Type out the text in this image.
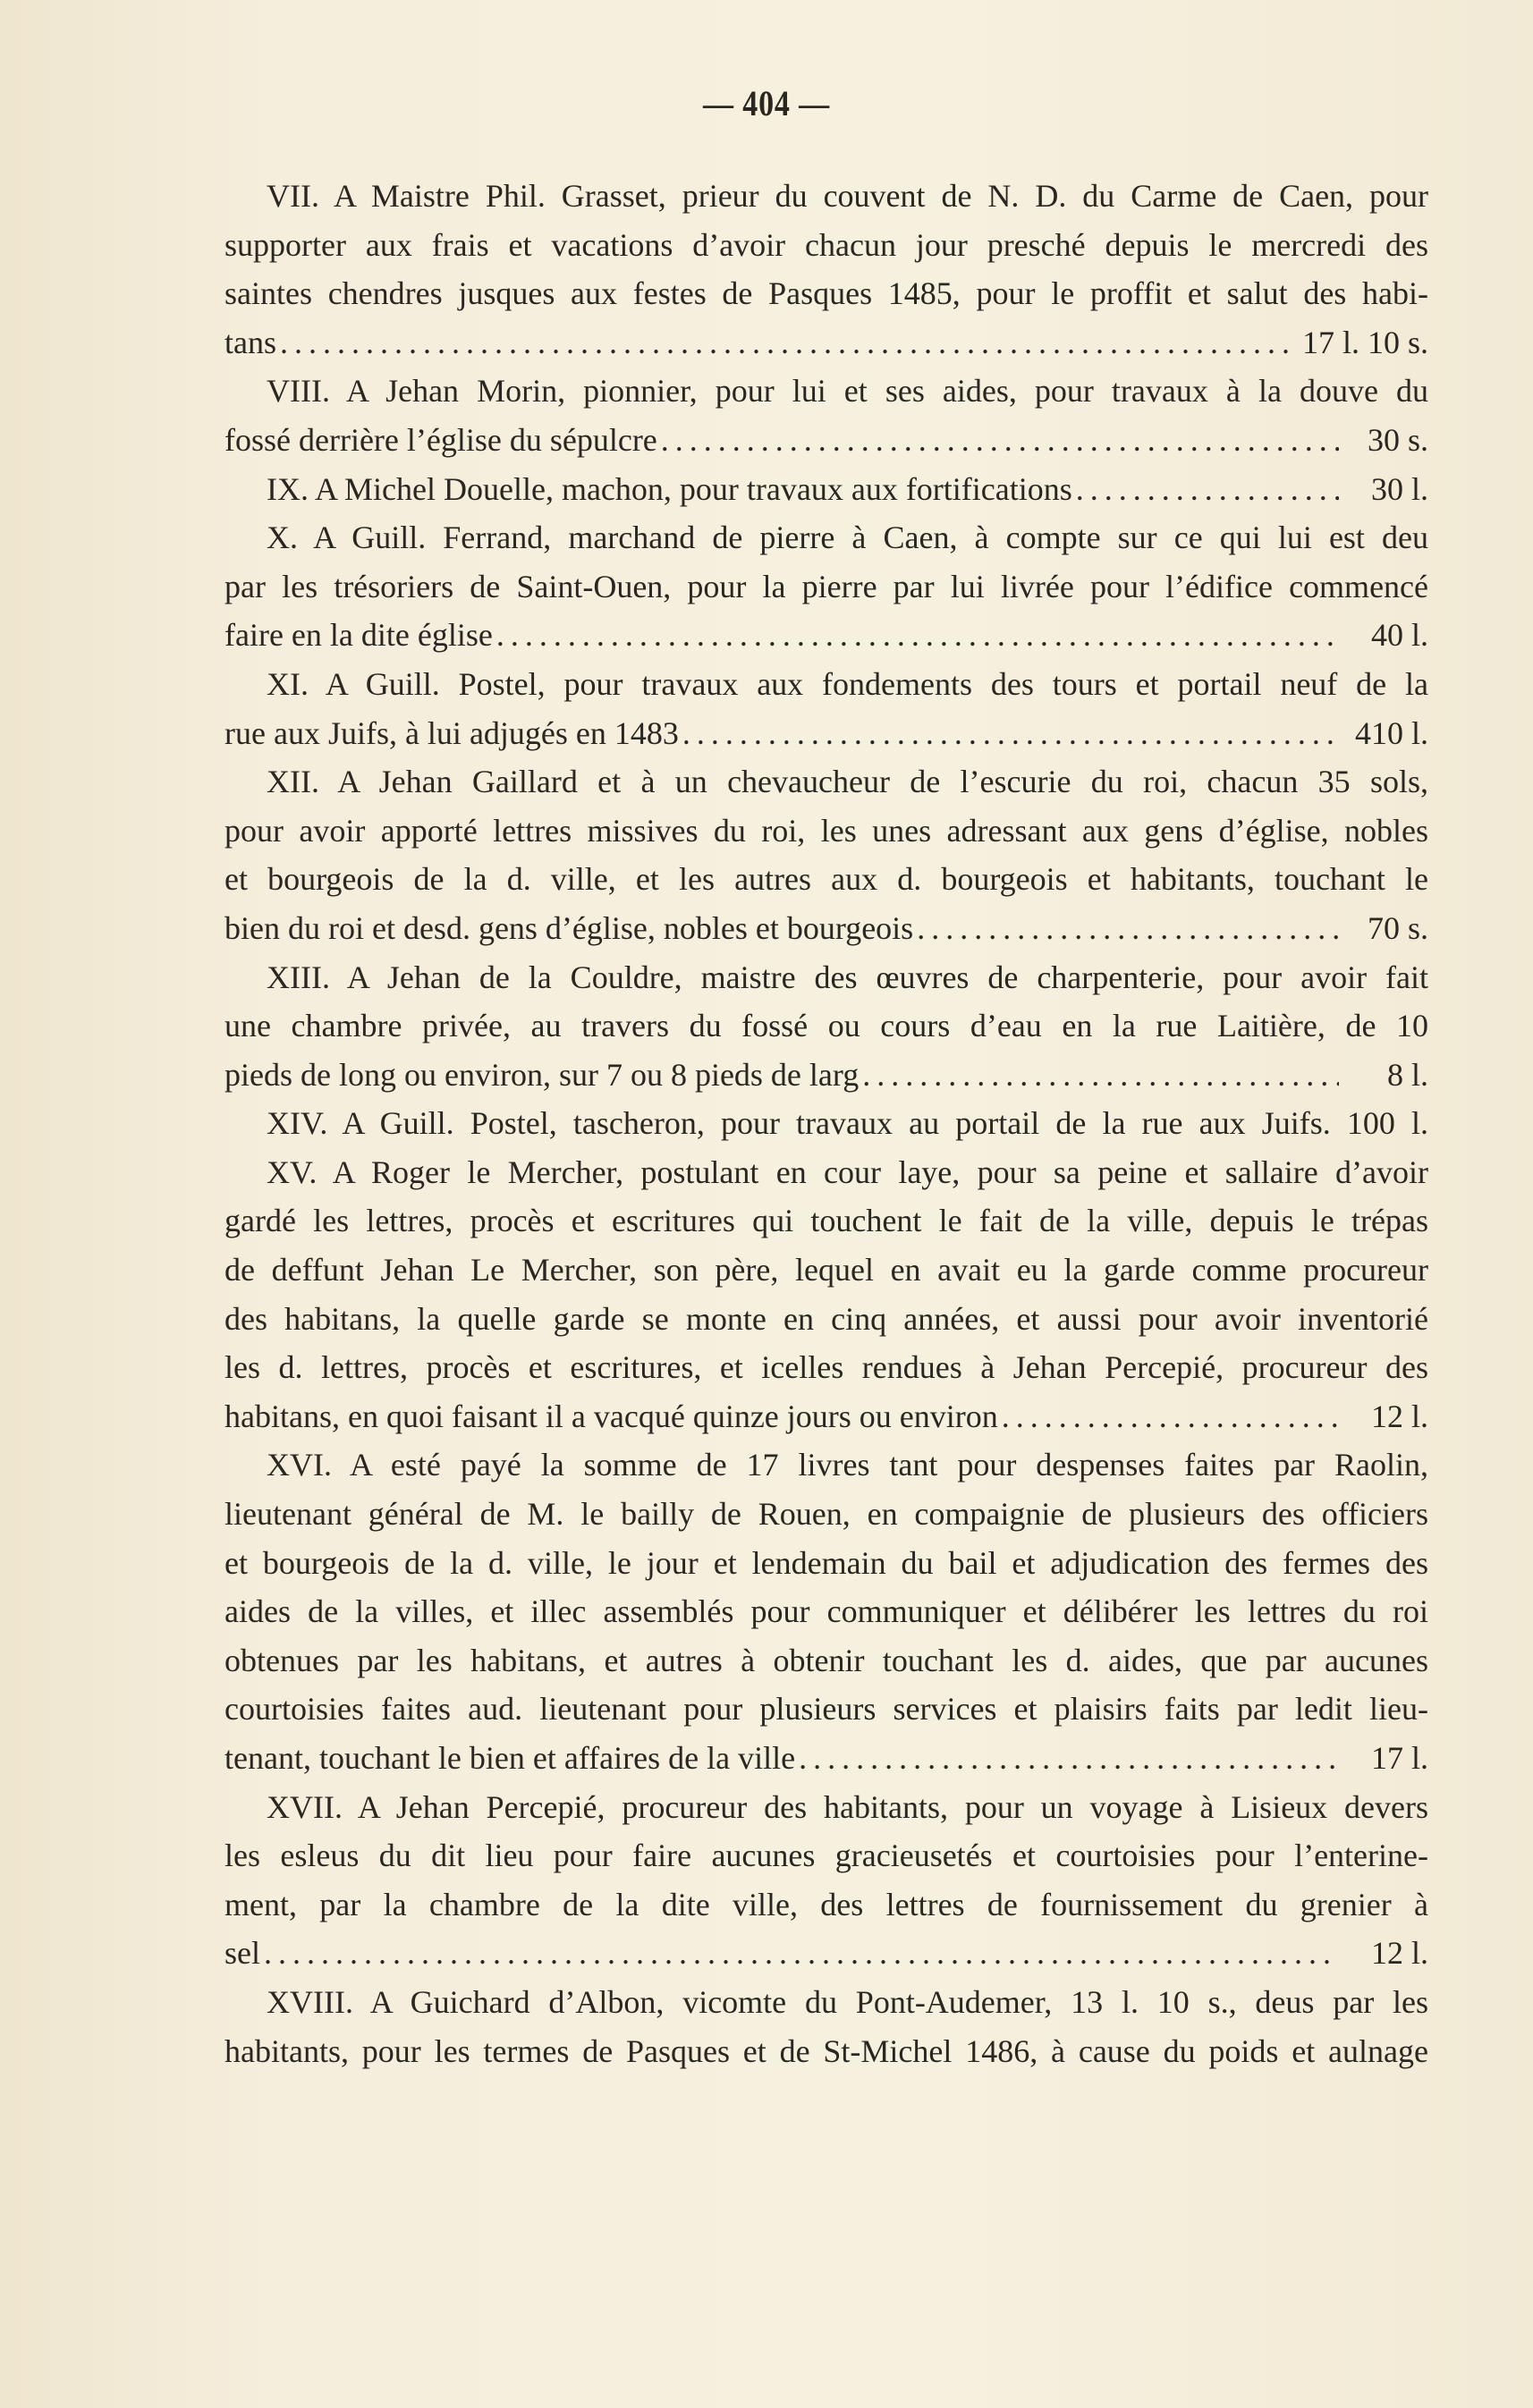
— 404 —
VII. A Maistre Phil. Grasset, prieur du couvent de N. D. du Carme de Caen, pour
supporter aux frais et vacations d’avoir chacun jour presché depuis le mercredi des
saintes chendres jusques aux festes de Pasques 1485, pour le proffit et salut des habi-
tans .....	17 l. 10 s.
VIII. A Jehan Morin, pionnier, pour lui et ses aides, pour travaux à la douve du
fossé derrière l’église du sépulcre .....	30 s.
IX. A Michel Douelle, machon, pour travaux aux fortifications .....	30 l.
X. A Guill. Ferrand, marchand de pierre à Caen, à compte sur ce qui lui est deu
par les trésoriers de Saint-Ouen, pour la pierre par lui livrée pour l’édifice commencé
faire en la dite église .....	40 l.
XI. A Guill. Postel, pour travaux aux fondements des tours et portail neuf de la
rue aux Juifs, à lui adjugés en 1483 .....	410 l.
XII. A Jehan Gaillard et à un chevaucheur de l’escurie du roi, chacun 35 sols,
pour avoir apporté lettres missives du roi, les unes adressant aux gens d’église, nobles
et bourgeois de la d. ville, et les autres aux d. bourgeois et habitants, touchant le
bien du roi et desd. gens d’église, nobles et bourgeois .....	70 s.
XIII. A Jehan de la Couldre, maistre des œuvres de charpenterie, pour avoir fait
une chambre privée, au travers du fossé ou cours d’eau en la rue Laitière, de 10
pieds de long ou environ, sur 7 ou 8 pieds de larg .....	8 l.
XIV. A Guill. Postel, tascheron, pour travaux au portail de la rue aux Juifs. 100 l.
XV. A Roger le Mercher, postulant en cour laye, pour sa peine et sallaire d’avoir
gardé les lettres, procès et escritures qui touchent le fait de la ville, depuis le trépas
de deffunt Jehan Le Mercher, son père, lequel en avait eu la garde comme procureur
des habitans, la quelle garde se monte en cinq années, et aussi pour avoir inventorié
les d. lettres, procès et escritures, et icelles rendues à Jehan Percepié, procureur des
habitans, en quoi faisant il a vacqué quinze jours ou environ .....	12 l.
XVI. A esté payé la somme de 17 livres tant pour despenses faites par Raolin,
lieutenant général de M. le bailly de Rouen, en compaignie de plusieurs des officiers
et bourgeois de la d. ville, le jour et lendemain du bail et adjudication des fermes des
aides de la villes, et illec assemblés pour communiquer et délibérer les lettres du roi
obtenues par les habitans, et autres à obtenir touchant les d. aides, que par aucunes
courtoisies faites aud. lieutenant pour plusieurs services et plaisirs faits par ledit lieu-
tenant, touchant le bien et affaires de la ville .....	17 l.
XVII. A Jehan Percepié, procureur des habitants, pour un voyage à Lisieux devers
les esleus du dit lieu pour faire aucunes gracieusetés et courtoisies pour l’enterine-
ment, par la chambre de la dite ville, des lettres de fournissement du grenier à
sel .....	12 l.
XVIII. A Guichard d’Albon, vicomte du Pont-Audemer, 13 l. 10 s., deus par les
habitants, pour les termes de Pasques et de St-Michel 1486, à cause du poids et aulnage
